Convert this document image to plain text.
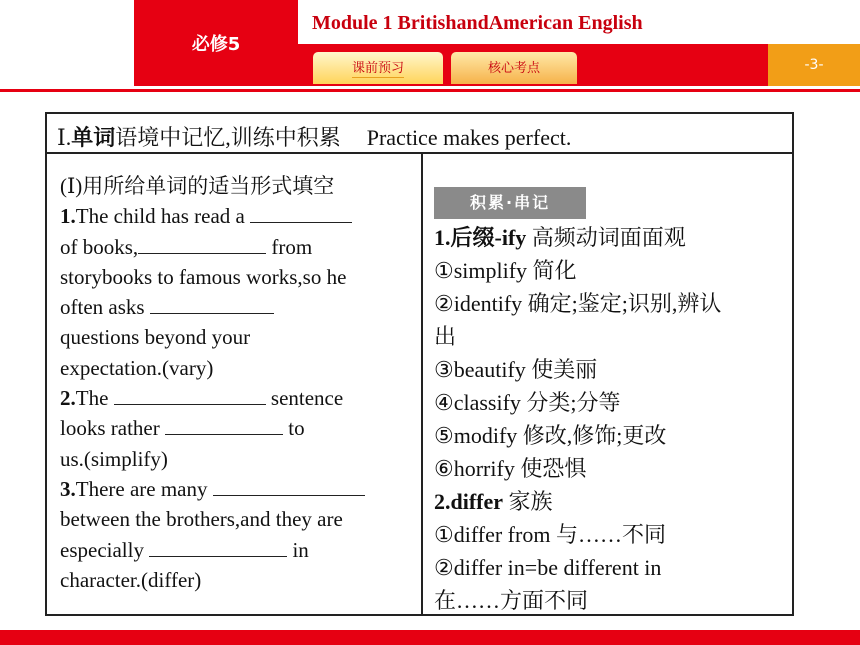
必修5
Module 1 BritishandAmerican English
课前预习	核心考点	-3-
Ⅰ.单词语境中记忆,训练中积累 Practice makes perfect.

(Ⅰ)用所给单词的适当形式填空

1.The child has read a

of books,	from

storybooks to famous works,so he

often asks

questions beyond your

expectation.(vary)

2.The	sentence

looks rather	to

us.(simplify)

3.There are many

between the brothers,and they are

especially	in

character.(differ)

积累·串记

1.后缀-ify 高频动词面面观

①simplify 简化

②identify 确定;鉴定;识别,辨认

出

③beautify 使美丽

④classify 分类;分等

⑤modify 修改,修饰;更改

⑥horrify 使恐惧

2.differ 家族

①differ from 与……不同

②differ in=be different in

在……方面不同
